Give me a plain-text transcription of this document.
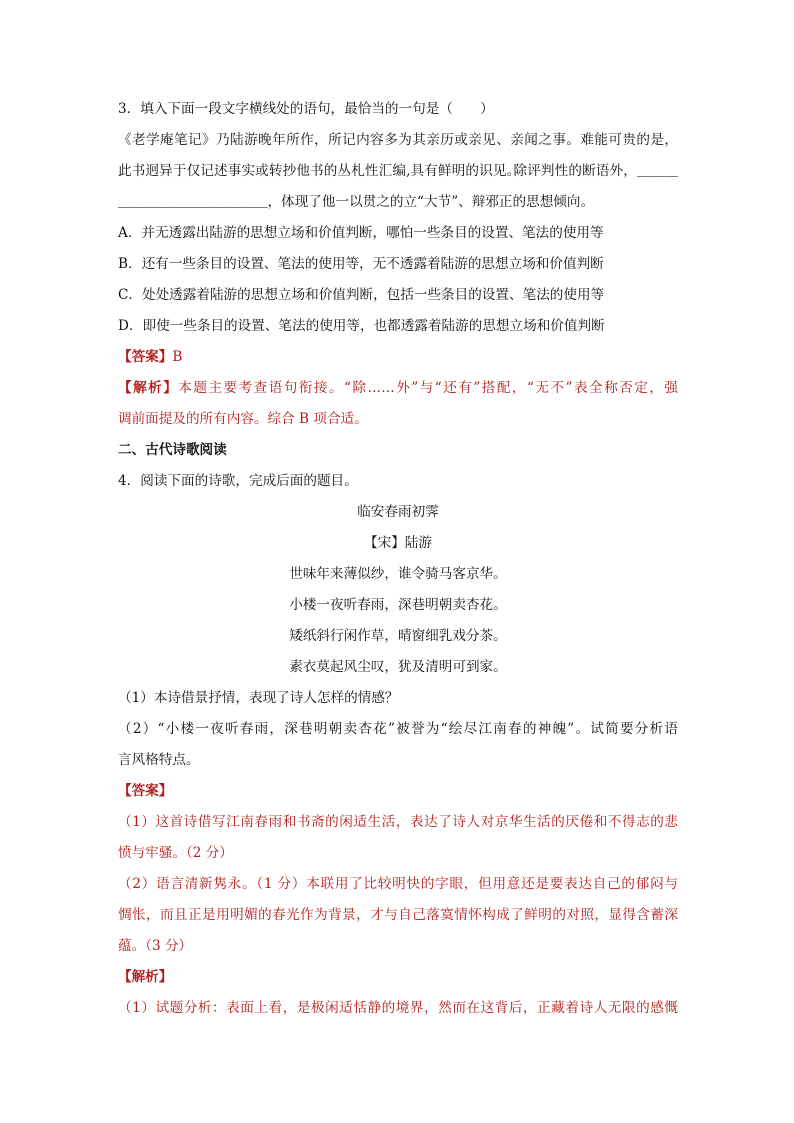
3．填入下面一段文字横线处的语句，最恰当的一句是（　　）
《老学庵笔记》乃陆游晚年所作，所记内容多为其亲历或亲见、亲闻之事。难能可贵的是，
此书迥异于仅记述事实或转抄他书的丛札性汇编,具有鲜明的识见｡除评判性的断语外，＿＿＿
＿＿＿＿＿＿＿＿＿＿＿，体现了他一以贯之的立“大节”、辩邪正的思想倾向。
A．并无透露出陆游的思想立场和价值判断，哪怕一些条目的设置、笔法的使用等
B．还有一些条目的设置、笔法的使用等，无不透露着陆游的思想立场和价值判断
C．处处透露着陆游的思想立场和价值判断，包括一些条目的设置、笔法的使用等
D．即使一些条目的设置、笔法的使用等，也都透露着陆游的思想立场和价值判断
【答案】B
【解析】本题主要考查语句衔接。“除……外”与“还有”搭配，“无不”表全称否定，强
调前面提及的所有内容。综合 B 项合适。
二、古代诗歌阅读
4．阅读下面的诗歌，完成后面的题目。
临安春雨初霁
【宋】陆游
世味年来薄似纱，谁令骑马客京华。
小楼一夜听春雨，深巷明朝卖杏花。
矮纸斜行闲作草，晴窗细乳戏分茶。
素衣莫起风尘叹，犹及清明可到家。
（1）本诗借景抒情，表现了诗人怎样的情感？
（2）“小楼一夜听春雨，深巷明朝卖杏花”被誉为“绘尽江南春的神魄”。试简要分析语
言风格特点。
【答案】
（1）这首诗借写江南春雨和书斋的闲适生活，表达了诗人对京华生活的厌倦和不得志的悲
愤与牢骚。（2 分）
（2）语言清新隽永。（1 分）本联用了比较明快的字眼，但用意还是要表达自己的郁闷与
惆怅，而且正是用明媚的春光作为背景，才与自己落寞情怀构成了鲜明的对照，显得含蓄深
蕴。（3 分）
【解析】
（1）试题分析：表面上看，是极闲适恬静的境界，然而在这背后，正藏着诗人无限的感慨
